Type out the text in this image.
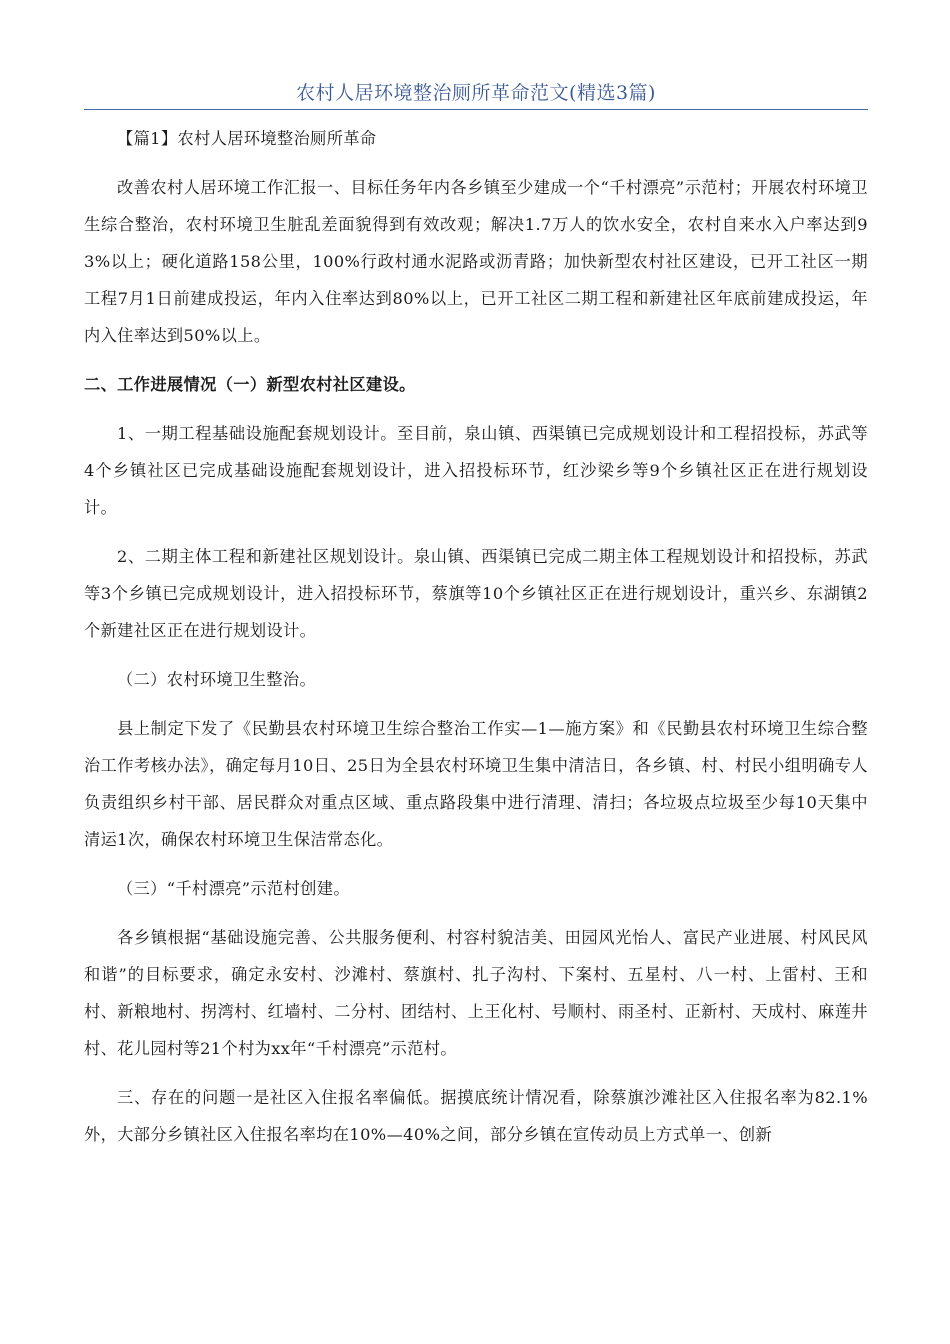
农村人居环境整治厕所革命范文(精选3篇)

【篇1】农村人居环境整治厕所革命

改善农村人居环境工作汇报一、目标任务年内各乡镇至少建成一个“千村漂亮”示范村；开展农村环境卫生综合整治，农村环境卫生脏乱差面貌得到有效改观；解决1.7万人的饮水安全，农村自来水入户率达到93%以上；硬化道路158公里，100%行政村通水泥路或沥青路；加快新型农村社区建设，已开工社区一期工程7月1日前建成投运，年内入住率达到80%以上，已开工社区二期工程和新建社区年底前建成投运，年内入住率达到50%以上。

二、工作进展情况（一）新型农村社区建设。

1、一期工程基础设施配套规划设计。至目前，泉山镇、西渠镇已完成规划设计和工程招投标，苏武等4个乡镇社区已完成基础设施配套规划设计，进入招投标环节，红沙梁乡等9个乡镇社区正在进行规划设计。

2、二期主体工程和新建社区规划设计。泉山镇、西渠镇已完成二期主体工程规划设计和招投标，苏武等3个乡镇已完成规划设计，进入招投标环节，蔡旗等10个乡镇社区正在进行规划设计，重兴乡、东湖镇2个新建社区正在进行规划设计。

（二）农村环境卫生整治。

县上制定下发了《民勤县农村环境卫生综合整治工作实—1—施方案》和《民勤县农村环境卫生综合整治工作考核办法》，确定每月10日、25日为全县农村环境卫生集中清洁日，各乡镇、村、村民小组明确专人负责组织乡村干部、居民群众对重点区域、重点路段集中进行清理、清扫；各垃圾点垃圾至少每10天集中清运1次，确保农村环境卫生保洁常态化。

（三）“千村漂亮”示范村创建。

各乡镇根据“基础设施完善、公共服务便利、村容村貌洁美、田园风光怡人、富民产业进展、村风民风和谐”的目标要求，确定永安村、沙滩村、蔡旗村、扎子沟村、下案村、五星村、八一村、上雷村、王和村、新粮地村、拐湾村、红墙村、二分村、团结村、上王化村、号顺村、雨圣村、正新村、天成村、麻莲井村、花儿园村等21个村为xx年“千村漂亮”示范村。

三、存在的问题一是社区入住报名率偏低。据摸底统计情况看，除蔡旗沙滩社区入住报名率为82.1%外，大部分乡镇社区入住报名率均在10%—40%之间，部分乡镇在宣传动员上方式单一、创新
